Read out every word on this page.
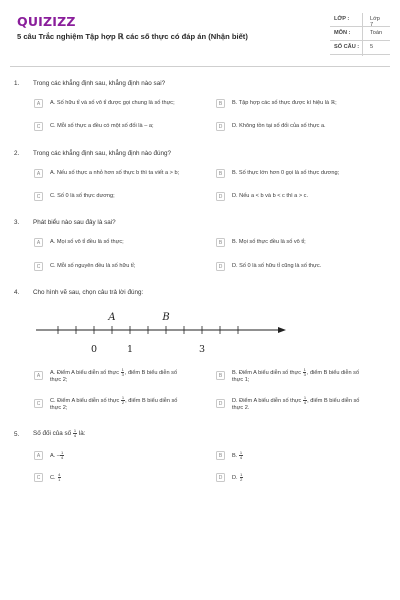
QUIZIZZ
5 câu Trắc nghiệm Tập hợp ℝ các số thực có đáp án (Nhận biết)
LỚP :	Lớp 7
MÔN :	Toán
SỐ CÂU : 5
1. Trong các khẳng định sau, khẳng định nào sai?
A	A. Số hữu tỉ và số vô tỉ được gọi chung là số thực;	B	B. Tập hợp các số thực được kí hiệu là ℝ;
C	C. Mỗi số thực a đều có một số đối là – a;	D	D. Không tồn tại số đối của số thực a.
2. Trong các khẳng định sau, khẳng định nào đúng?
A	A. Nếu số thực a nhỏ hơn số thực b thì ta viết a > b;	B	B. Số thực lớn hơn 0 gọi là số thực dương;
C	C. Số 0 là số thực dương;	D	D. Nếu a < b và b < c thì a > c.
3. Phát biểu nào sau đây là sai?
A	A. Mọi số vô tỉ đều là số thực;	B	B. Mọi số thực đều là số vô tỉ;
C	C. Mỗi số nguyên đều là số hữu tỉ;	D	D. Số 0 là số hữu tỉ cũng là số thực.
4. Cho hình vẽ sau, chọn câu trả lời đúng:
A	B
0	1	3
A
A. Điểm A biểu diễn số thực $\frac{1}{3}$ , điểm B biểu diễn số
thực 2;
B
B. Điểm A biểu diễn số thực $\frac{1}{3}$ , điểm B biểu diễn số
thực 1;
C
C. Điểm A biểu diễn số thực $\frac{1}{2}$ , điểm B biểu diễn số
thực 2;
D
D. Điểm A biểu diễn số thực $\frac{1}{4}$ , điểm B biểu diễn số
thực 2.
5. Số đối của số $\frac{1}{4}$ là:
A	A. – $\frac{1}{4}$	B	B. $\frac{1}{4}$
C	C. $\frac{4}{1}$	D	D. $\frac{1}{2}$
